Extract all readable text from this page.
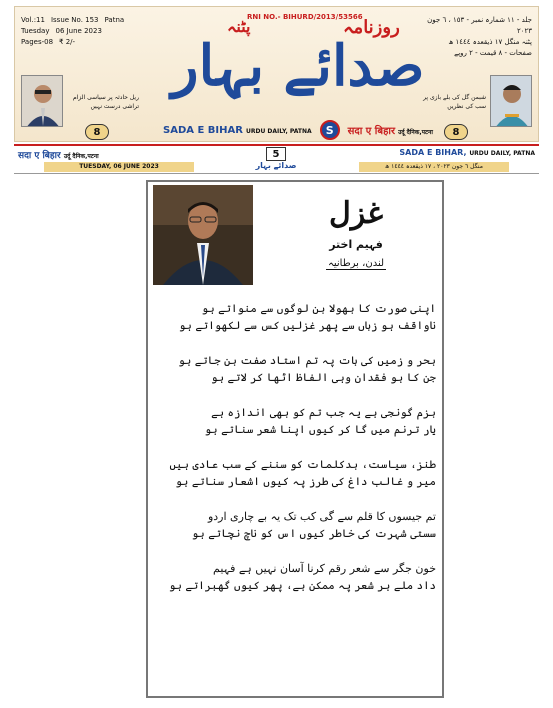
Vol.:11 Issue No. 153 Patna
Tuesday 06 June 2023
Pages-08 ₹ 2/-
جلد - ١١ شمارہ نمبر - ١٥٣ ، ٦ جون ٢٠٢٣
پٹنہ منگل ١٧ ذیقعدہ ١٤٤٤ ھ
صفحات - ٨ قیمت - ٢ روپے
RNI NO.- BIHURD/2013/53566
روزنامہ
پٹنہ
صدائے بہار
ریل حادثہ پر سیاسی الزام تراشی درست نہیں
شبمن گل کی بلے بازی پر سب کی نظریں
8	8
SADA E BIHAR URDU DAILY, PATNA	S	सदा ए बिहार उर्दू दैनिक,पटना
सदा ए बिहार उर्दू दैनिक,पटना
TUESDAY, 06 JUNE 2023
5
صدائے بہار
SADA E BIHAR, URDU DAILY, PATNA
منگل ٦ جون ٢٠٢٣ ، ١٧ ذیقعدہ ١٤٤٤ ھ
غزل
فہیم اختر
لندن، برطانیہ
اپنی صورت کا بھولا بن لوگوں سے منواتے ہو
ناواقف ہو زباں سے پھر غزلیں کس سے لکھواتے ہو
بحر و زمیں کی بات پہ تم استاد صفت بن جاتے ہو
جن کا ہو فقدان وہی الفاظ اٹھا کر لاتے ہو
بزم گونجی ہے یہ جب تم کو بھی اندازہ ہے
یار ترنم میں گا کر کیوں اپنا شعر سناتے ہو
طنز، سیاست، بدکلمات کو سننے کے سب عادی ہیں
میر و غالب داغ کی طرز پہ کیوں اشعار سناتے ہو
تم جیسوں کا قلم سے گی کب تک یہ بے چاری اردو
سستی شہرت کی خاطر کیوں اس کو ناچ نچاتے ہو
خون جگر سے شعر رقم کرنا آسان نہیں ہے فہیم
داد ملے ہر شعر پہ ممکن ہے، پھر کیوں گھبراتے ہو
